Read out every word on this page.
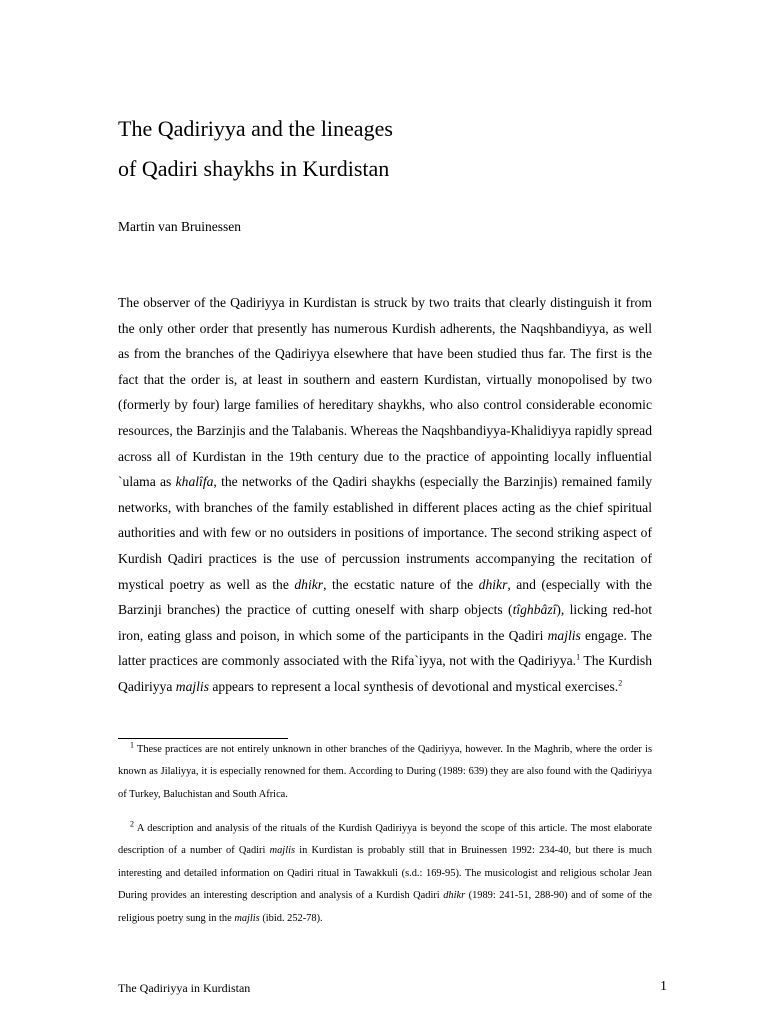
The Qadiriyya and the lineages
of Qadiri shaykhs in Kurdistan
Martin van Bruinessen

The observer of the Qadiriyya in Kurdistan is struck by two traits that clearly distinguish it from the only other order that presently has numerous Kurdish adherents, the Naqshbandiyya, as well as from the branches of the Qadiriyya elsewhere that have been studied thus far. The first is the fact that the order is, at least in southern and eastern Kurdistan, virtually monopolised by two (formerly by four) large families of hereditary shaykhs, who also control considerable economic resources, the Barzinjis and the Talabanis. Whereas the Naqshbandiyya-Khalidiyya rapidly spread across all of Kurdistan in the 19th century due to the practice of appointing locally influential `ulama as khalîfa, the networks of the Qadiri shaykhs (especially the Barzinjis) remained family networks, with branches of the family established in different places acting as the chief spiritual authorities and with few or no outsiders in positions of importance. The second striking aspect of Kurdish Qadiri practices is the use of percussion instruments accompanying the recitation of mystical poetry as well as the dhikr, the ecstatic nature of the dhikr, and (especially with the Barzinji branches) the practice of cutting oneself with sharp objects (tîghbâzî), licking red-hot iron, eating glass and poison, in which some of the participants in the Qadiri majlis engage. The latter practices are commonly associated with the Rifa`iyya, not with the Qadiriyya.$^1$ The Kurdish Qadiriyya majlis appears to represent a local synthesis of devotional and mystical exercises.$^2$

$^1$ These practices are not entirely unknown in other branches of the Qadiriyya, however. In the Maghrib, where the order is known as Jilaliyya, it is especially renowned for them. According to During (1989: 639) they are also found with the Qadiriyya of Turkey, Baluchistan and South Africa.

$^2$ A description and analysis of the rituals of the Kurdish Qadiriyya is beyond the scope of this article. The most elaborate description of a number of Qadiri majlis in Kurdistan is probably still that in Bruinessen 1992: 234-40, but there is much interesting and detailed information on Qadiri ritual in Tawakkuli (s.d.: 169-95). The musicologist and religious scholar Jean During provides an interesting description and analysis of a Kurdish Qadiri dhikr (1989: 241-51, 288-90) and of some of the religious poetry sung in the majlis (ibid. 252-78).

The Qadiriyya in Kurdistan	1
